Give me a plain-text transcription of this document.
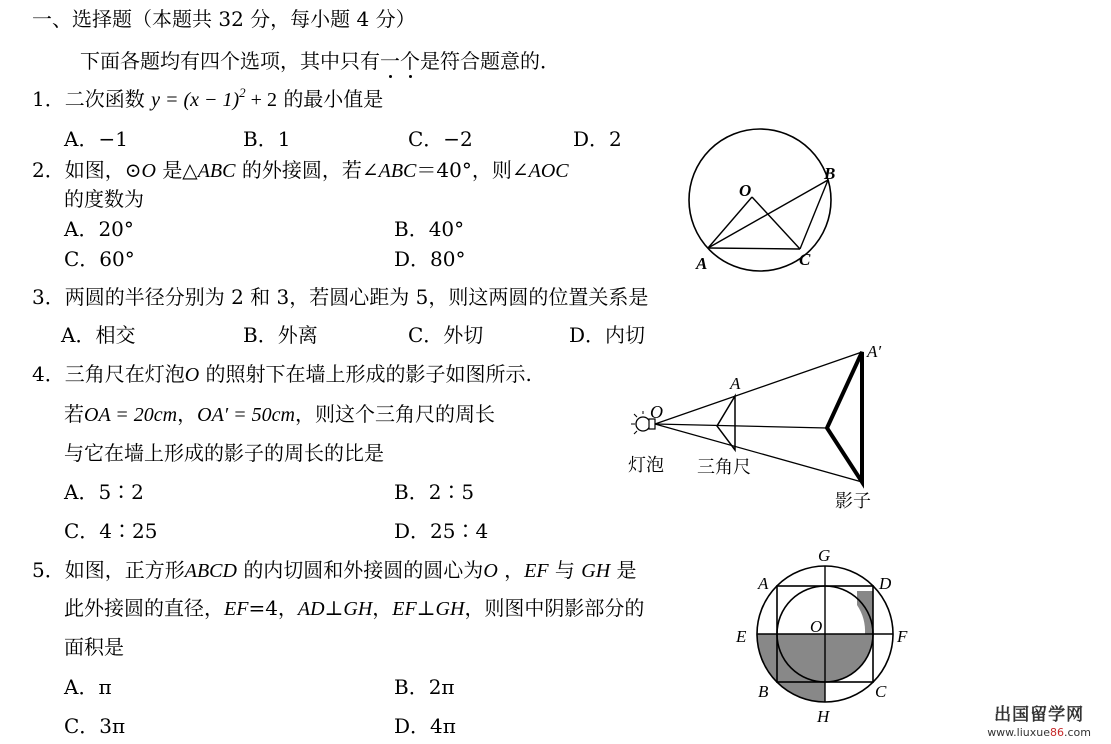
一、选择题（本题共 32 分，每小题 4 分）
下面各题均有四个选项，其中只有一个是符合题意的．
1．二次函数 $y = (x - 1)^2 + 2$ 的最小值是
A．−1	B．1	C．−2	D．2
2．如图，⊙O 是△ABC 的外接圆，若∠ABC＝40°，则∠AOC
的度数为
A．20°	B．40°
C．60°	D．80°
O
B
A	C
3．两圆的半径分别为 2 和 3，若圆心距为 5，则这两圆的位置关系是
A．相交	B．外离	C．外切	D．内切
4．三角尺在灯泡O 的照射下在墙上形成的影子如图所示.
若OA = 20cm，OA′ = 50cm，则这个三角尺的周长
与它在墙上形成的影子的周长的比是
A．5∶2	B．2∶5
C．4∶25	D．25∶4
O
A
A′
灯泡 三角尺
影子
5．如图，正方形ABCD 的内切圆和外接圆的圆心为O ，EF 与 GH 是
此外接圆的直径，EF=4，AD⊥GH，EF⊥GH，则图中阴影部分的
面积是
A．π	B．2π
C．3π	D．4π
G
A	D
E
O
F
B	C
H	出国留学网
www.liuxue86.com
